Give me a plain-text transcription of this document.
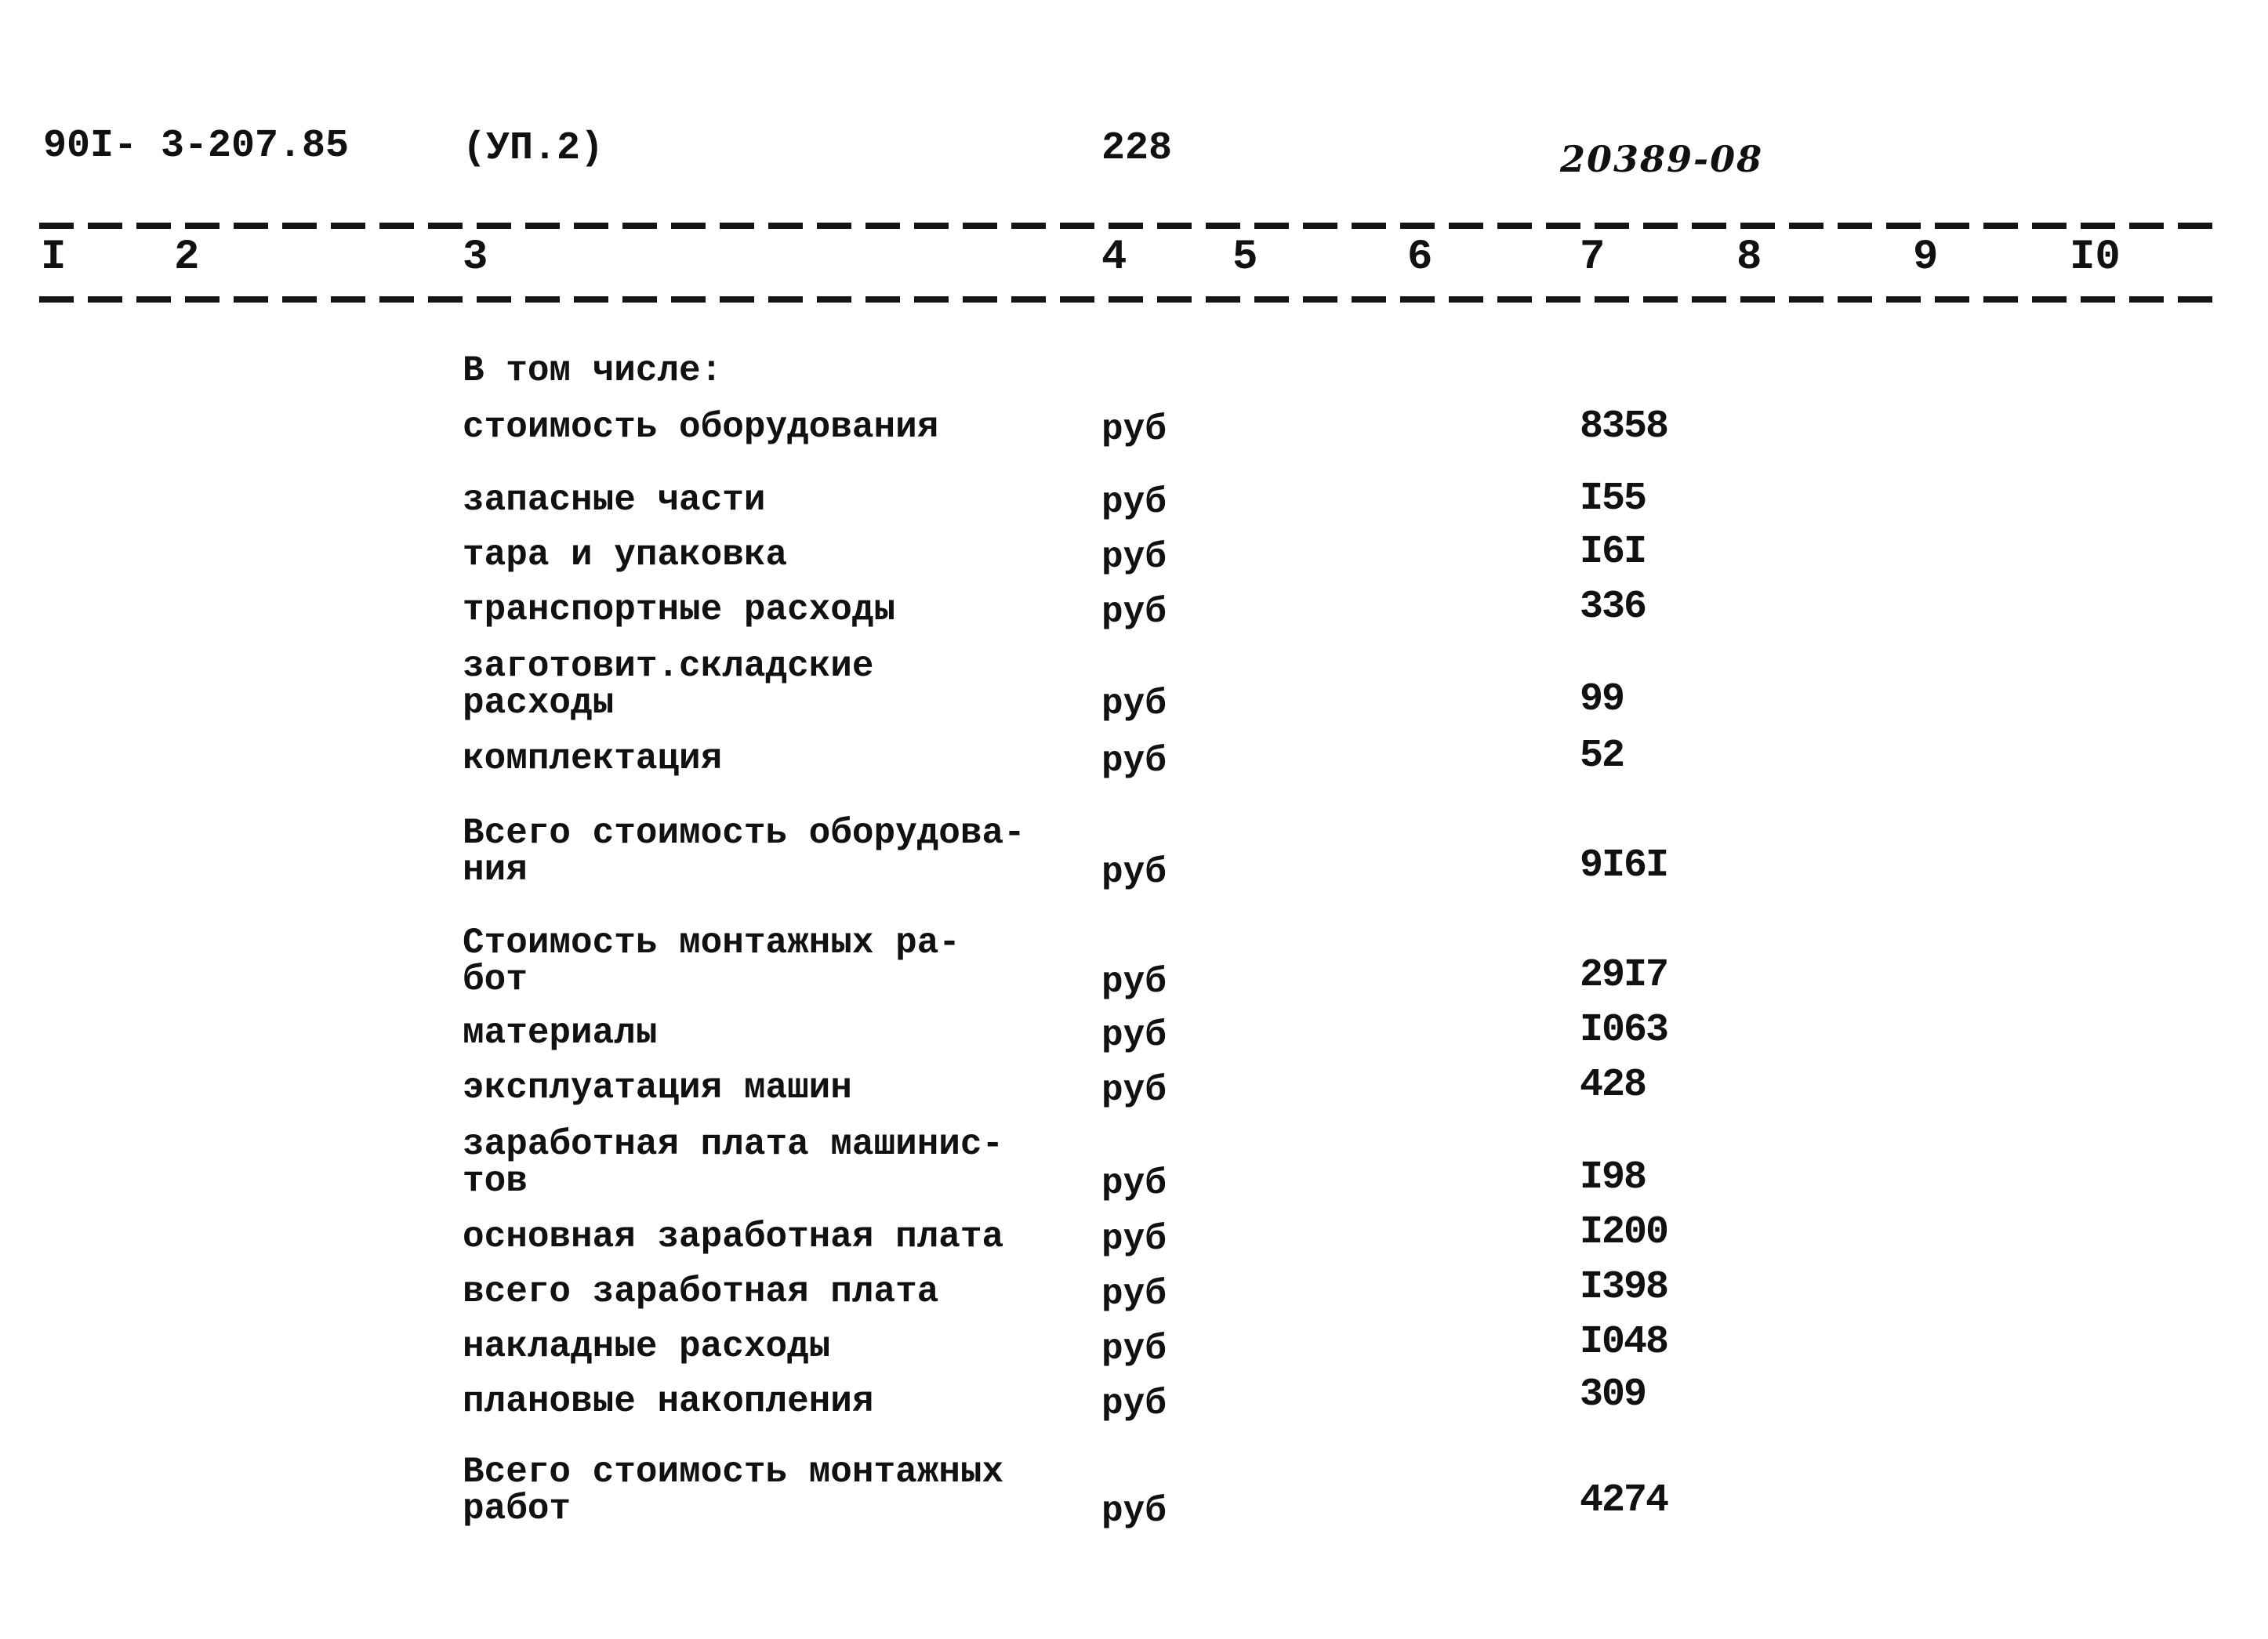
90I- 3-207.85	(УП.2)	228	20389-08
I	2	3	4 5	6	7	8	9	I0
В том числе:
стоимость оборудования	руб	8358
запасные части	руб	I55
тара и упаковка	руб	I6I
транспортные расходы	руб	336
заготовит.складские
расходы	руб	99
комплектация	руб	52
Всего стоимость оборудова-
ния	руб	9I6I
Стоимость монтажных ра-
бот	руб	29I7
материалы	руб	I063
эксплуатация машин	руб	428
заработная плата машинис-
тов	руб	I98
основная заработная плата	руб	I200
всего заработная плата	руб	I398
накладные расходы	руб	I048
плановые накопления	руб	309
Всего стоимость монтажных
работ	руб	4274
